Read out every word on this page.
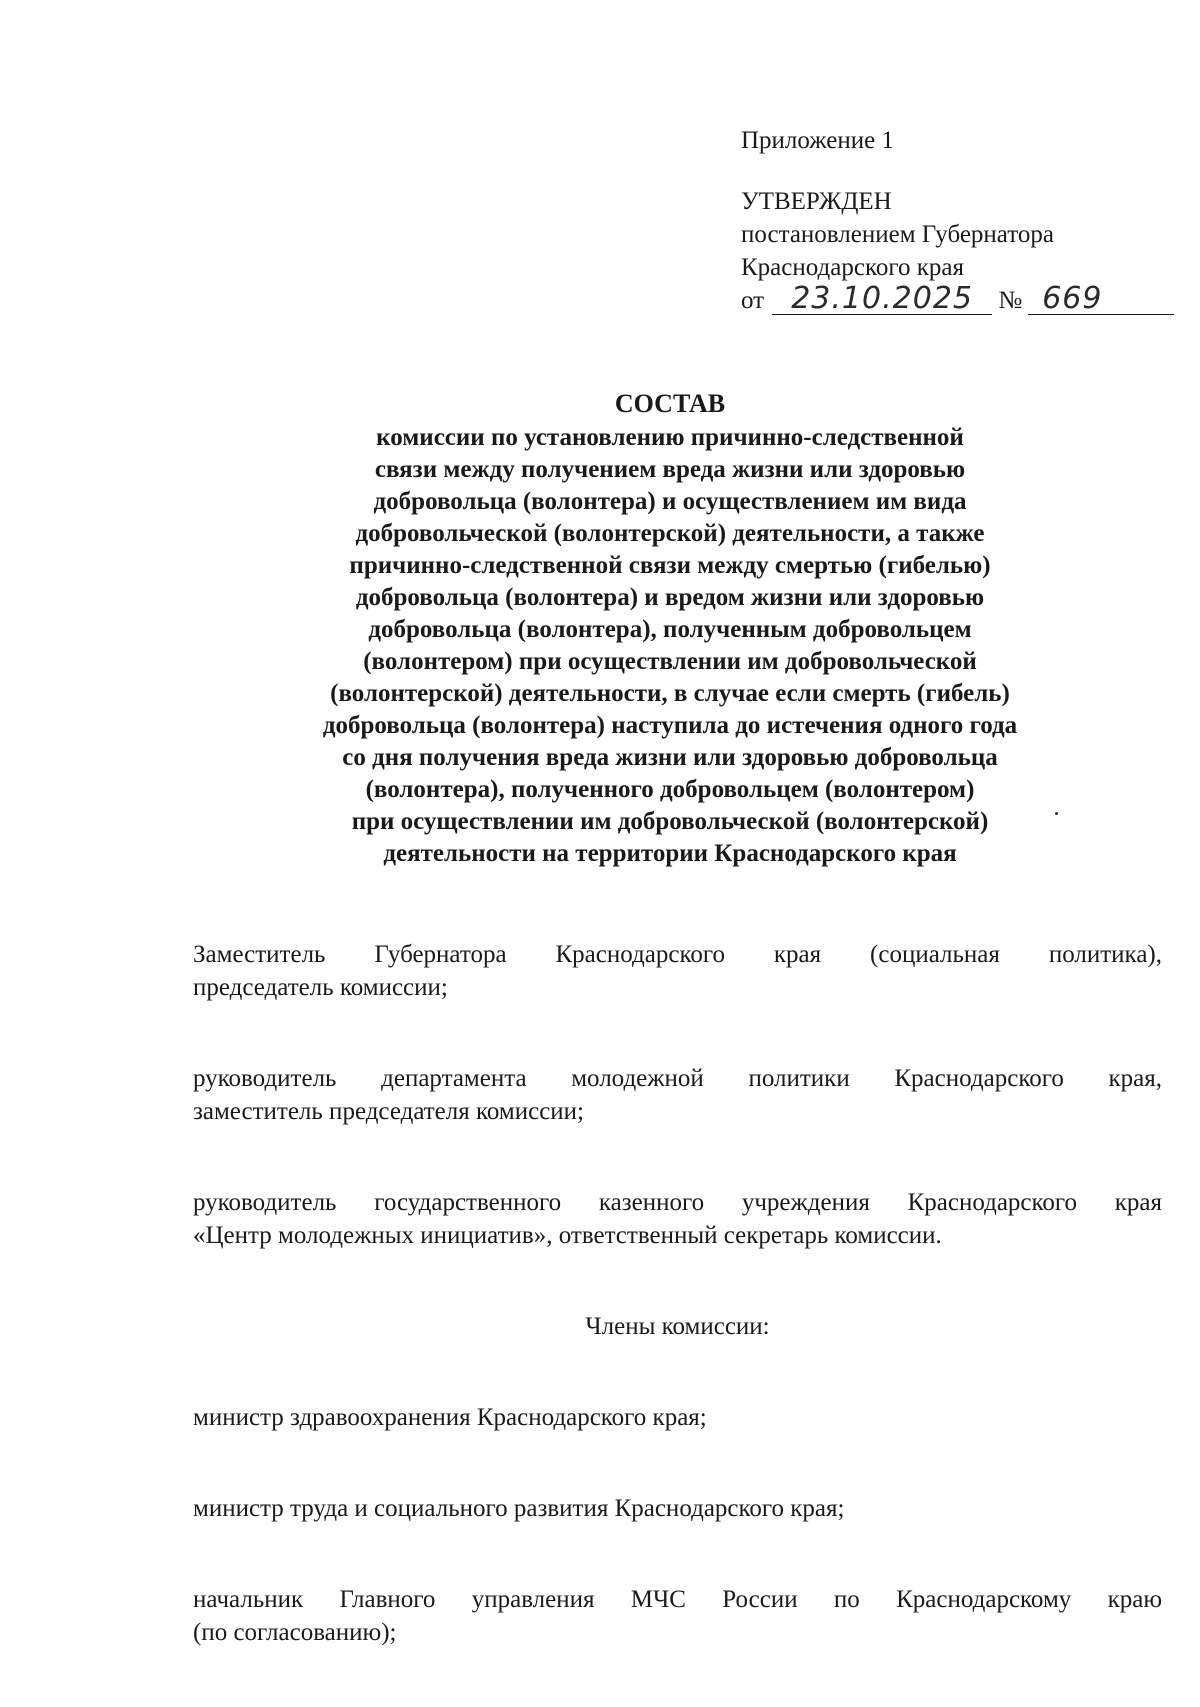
Приложение 1
УТВЕРЖДЕН
постановлением Губернатора
Краснодарского края
от 23.10.2025 № 669
СОСТАВ
комиссии по установлению причинно-следственной
связи между получением вреда жизни или здоровью
добровольца (волонтера) и осуществлением им вида
добровольческой (волонтерской) деятельности, а также
причинно-следственной связи между смертью (гибелью)
добровольца (волонтера) и вредом жизни или здоровью
добровольца (волонтера), полученным добровольцем
(волонтером) при осуществлении им добровольческой
(волонтерской) деятельности, в случае если смерть (гибель)
добровольца (волонтера) наступила до истечения одного года
со дня получения вреда жизни или здоровью добровольца
(волонтера), полученного добровольцем (волонтером)
при осуществлении им добровольческой (волонтерской)
деятельности на территории Краснодарского края
Заместитель Губернатора Краснодарского края (социальная политика),
председатель комиссии;
руководитель департамента молодежной политики Краснодарского края,
заместитель председателя комиссии;
руководитель государственного казенного учреждения Краснодарского края
«Центр молодежных инициатив», ответственный секретарь комиссии.
Члены комиссии:
министр здравоохранения Краснодарского края;
министр труда и социального развития Краснодарского края;
начальник Главного управления МЧС России по Краснодарскому краю
(по согласованию);
